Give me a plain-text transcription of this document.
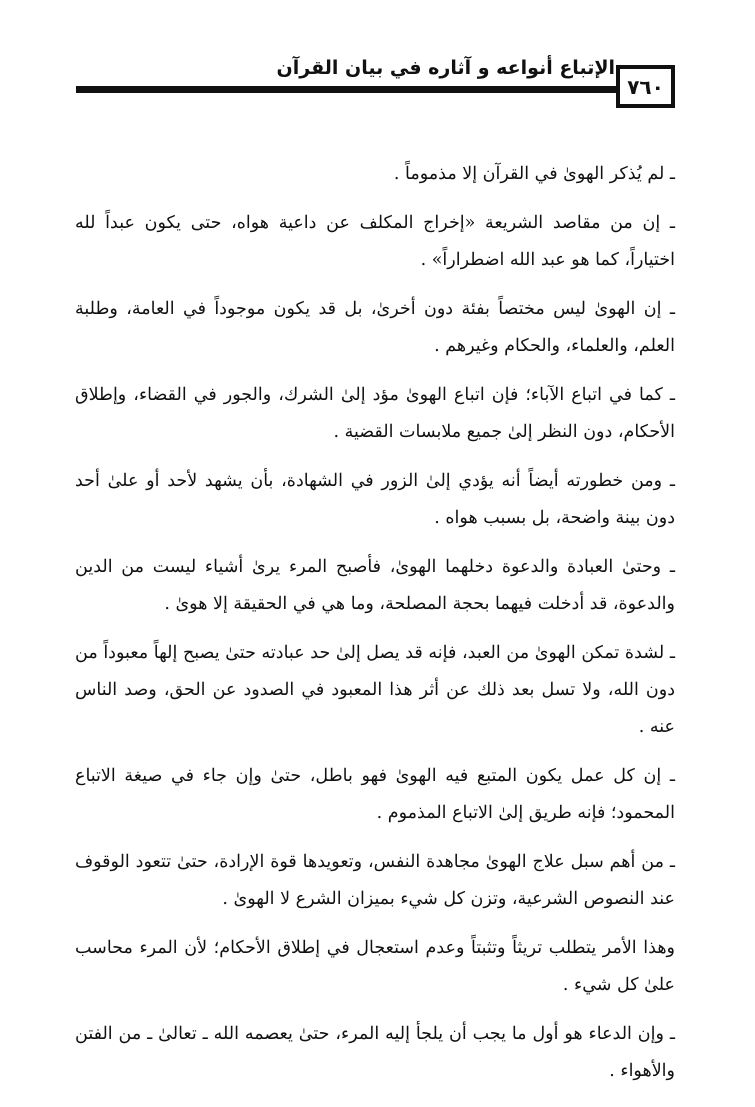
الإتباع أنواعه و آثاره في بيان القرآن
٧٦٠

ـ لم يُذكر الهوىٰ في القرآن إلا مذموماً .

ـ إن من مقاصد الشريعة «إخراج المكلف عن داعية هواه، حتى يكون عبداً لله اختياراً، كما هو عبد الله اضطراراً» .

ـ إن الهوىٰ ليس مختصاً بفئة دون أخرىٰ، بل قد يكون موجوداً في العامة، وطلبة العلم، والعلماء، والحكام وغيرهم .

ـ كما في اتباع الآباء؛ فإن اتباع الهوىٰ مؤد إلىٰ الشرك، والجور في القضاء، وإطلاق الأحكام، دون النظر إلىٰ جميع ملابسات القضية .

ـ ومن خطورته أيضاً أنه يؤدي إلىٰ الزور في الشهادة، بأن يشهد لأحد أو علىٰ أحد دون بينة واضحة، بل بسبب هواه .

ـ وحتىٰ العبادة والدعوة دخلهما الهوىٰ، فأصبح المرء يرىٰ أشياء ليست من الدين والدعوة، قد أدخلت فيهما بحجة المصلحة، وما هي في الحقيقة إلا هوىٰ .

ـ لشدة تمكن الهوىٰ من العبد، فإنه قد يصل إلىٰ حد عبادته حتىٰ يصبح إلهاً معبوداً من دون الله، ولا تسل بعد ذلك عن أثر هذا المعبود في الصدود عن الحق، وصد الناس عنه .

ـ إن كل عمل يكون المتبع فيه الهوىٰ فهو باطل، حتىٰ وإن جاء في صيغة الاتباع المحمود؛ فإنه طريق إلىٰ الاتباع المذموم .

ـ من أهم سبل علاج الهوىٰ مجاهدة النفس، وتعويدها قوة الإرادة، حتىٰ تتعود الوقوف عند النصوص الشرعية، وتزن كل شيء بميزان الشرع لا الهوىٰ .

وهذا الأمر يتطلب تريثاً وتثبتاً وعدم استعجال في إطلاق الأحكام؛ لأن المرء محاسب علىٰ كل شيء .

ـ وإن الدعاء هو أول ما يجب أن يلجأ إليه المرء، حتىٰ يعصمه الله ـ تعالىٰ ـ من الفتن والأهواء .
